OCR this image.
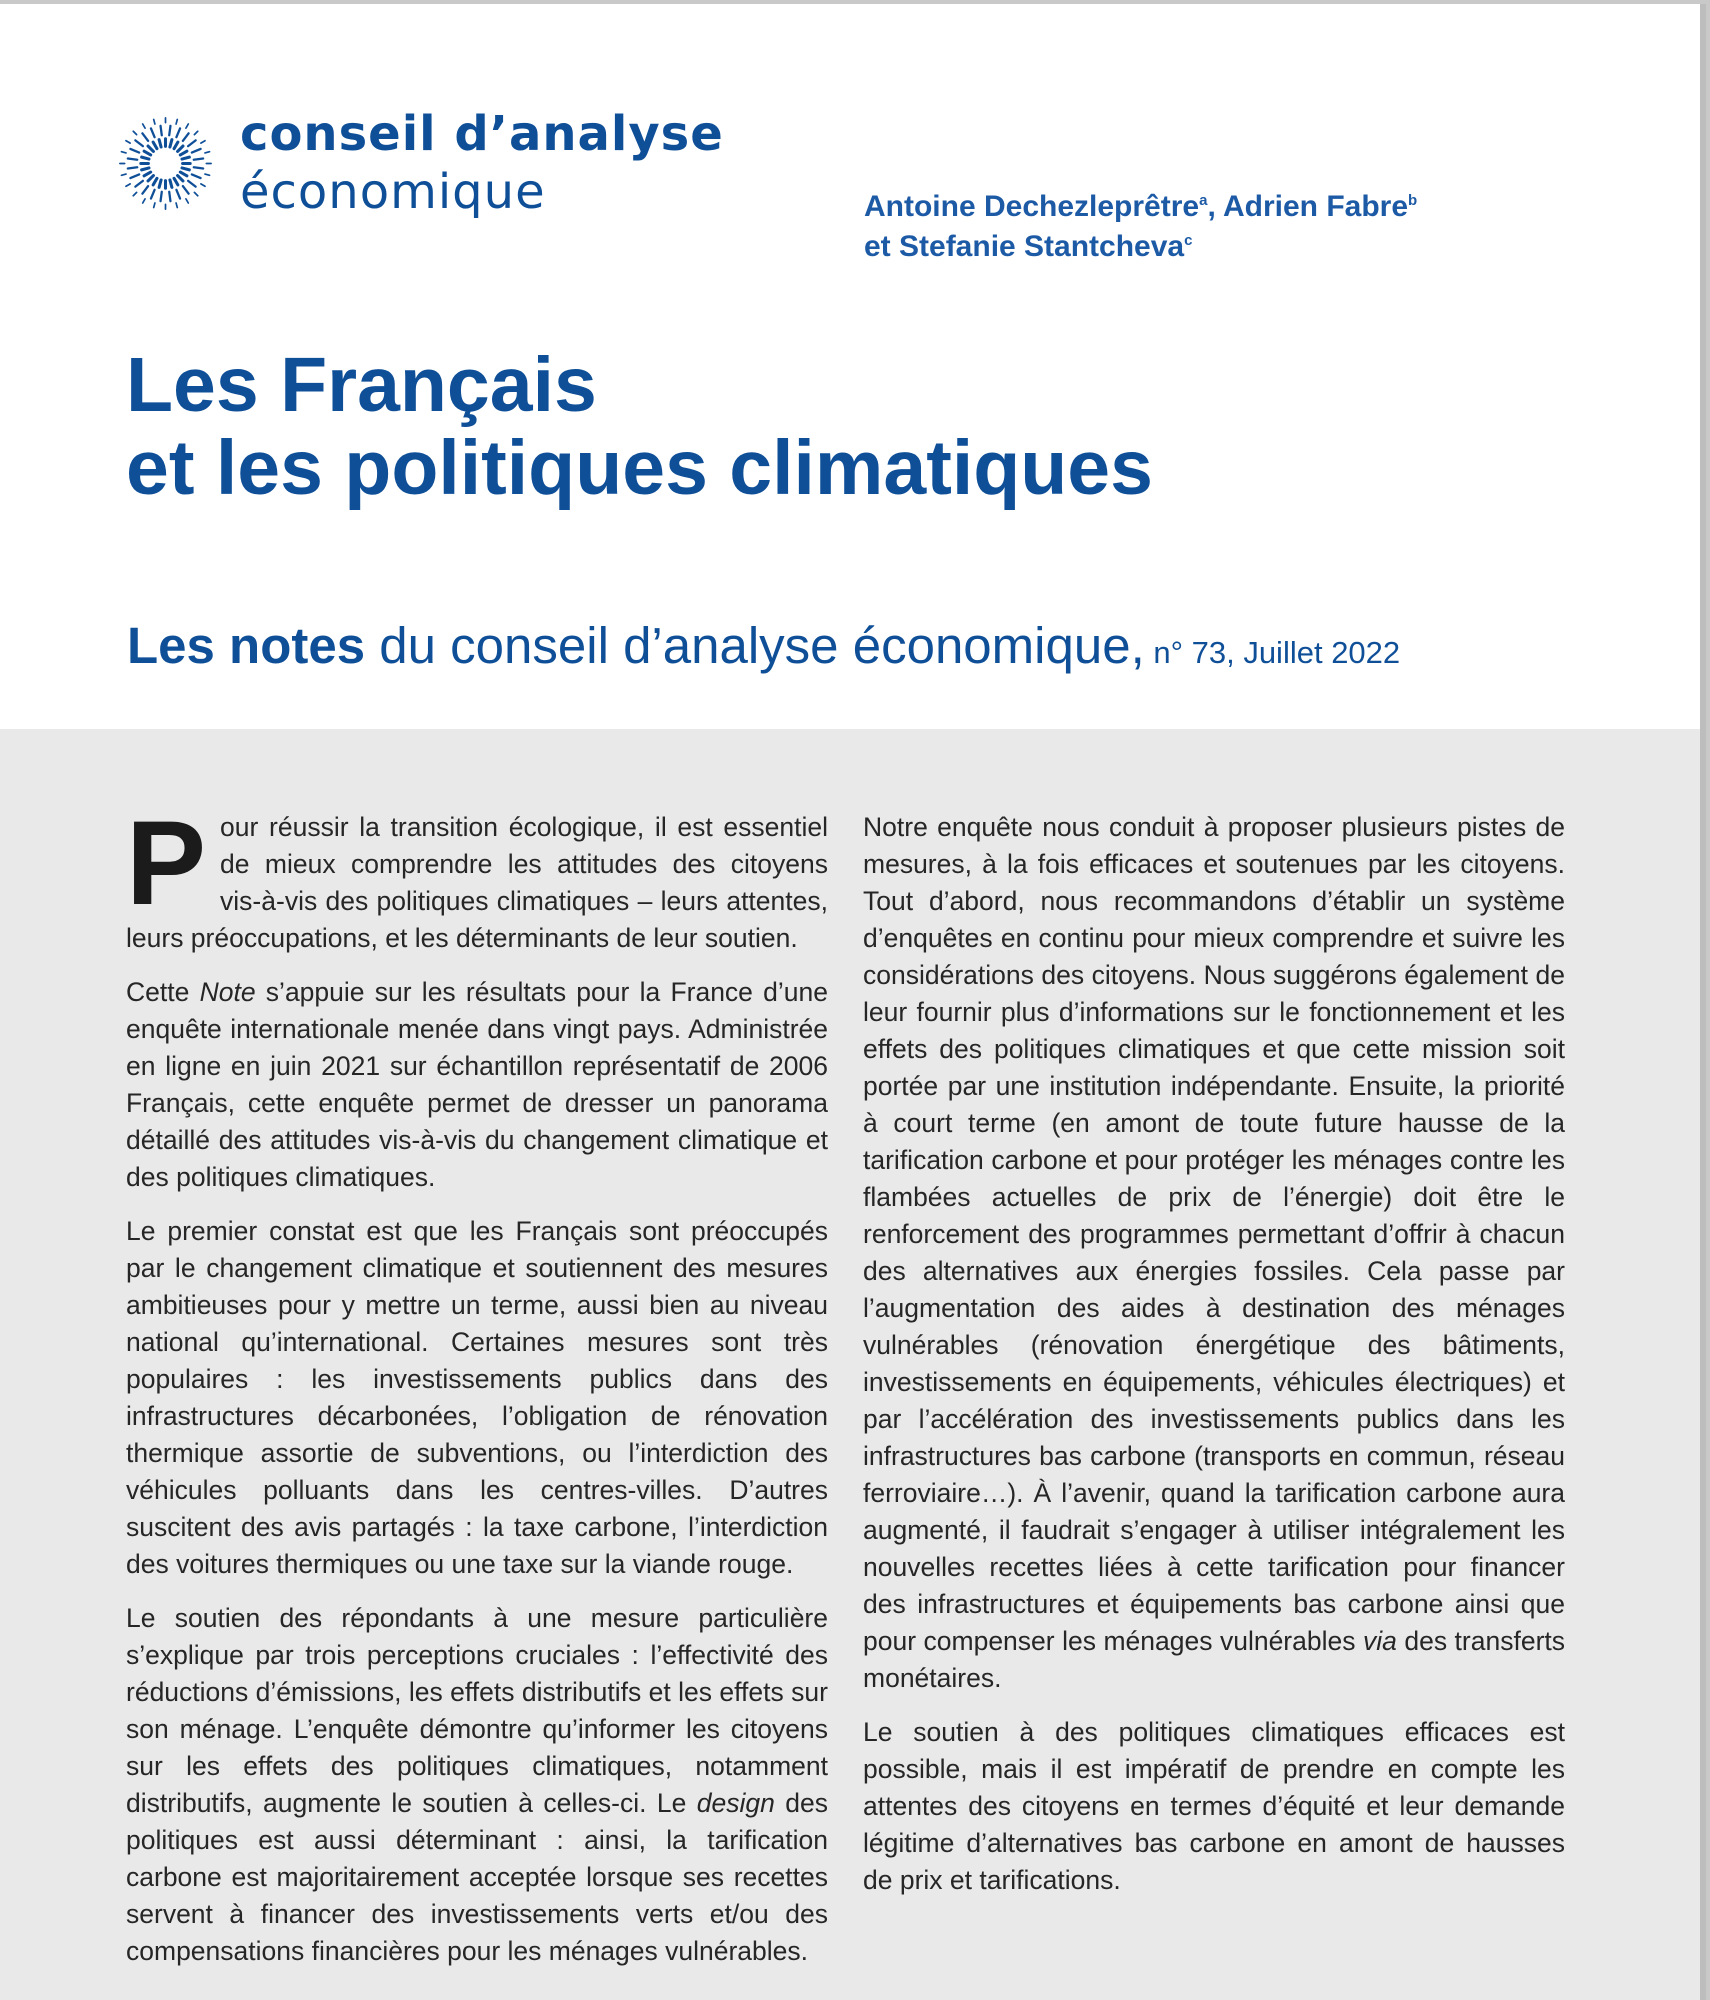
conseil d’analyse
économique	Antoine Dechezleprêtre$^a$, Adrien Fabre$^b$
et Stefanie Stantcheva$^c$
Les Français
et les politiques climatiques
Les notes du conseil d’analyse économique, n° 73, Juillet 2022

Pour réussir la transition écologique, il est essentiel de mieux comprendre les attitudes des citoyens vis-à-vis des politiques climatiques – leurs attentes, leurs préoccupations, et les déterminants de leur soutien.

Cette Note s’appuie sur les résultats pour la France d’une enquête internationale menée dans vingt pays. Administrée en ligne en juin 2021 sur échantillon représentatif de 2006 Français, cette enquête permet de dresser un panorama détaillé des attitudes vis-à-vis du changement climatique et des politiques climatiques.

Le premier constat est que les Français sont préoccupés par le changement climatique et soutiennent des mesures ambitieuses pour y mettre un terme, aussi bien au niveau national qu’international. Certaines mesures sont très populaires : les investissements publics dans des infrastructures décarbonées, l’obligation de rénovation thermique assortie de subventions, ou l’interdiction des véhicules polluants dans les centres-villes. D’autres suscitent des avis partagés : la taxe carbone, l’interdiction des voitures thermiques ou une taxe sur la viande rouge.

Le soutien des répondants à une mesure particulière s’explique par trois perceptions cruciales : l’effectivité des réductions d’émissions, les effets distributifs et les effets sur son ménage. L’enquête démontre qu’informer les citoyens sur les effets des politiques climatiques, notamment distributifs, augmente le soutien à celles-ci. Le design des politiques est aussi déterminant : ainsi, la tarification carbone est majoritairement acceptée lorsque ses recettes servent à financer des investissements verts et/ou des compensations financières pour les ménages vulnérables.

Notre enquête nous conduit à proposer plusieurs pistes de mesures, à la fois efficaces et soutenues par les citoyens. Tout d’abord, nous recommandons d’établir un système d’enquêtes en continu pour mieux comprendre et suivre les considérations des citoyens. Nous suggérons également de leur fournir plus d’informations sur le fonctionnement et les effets des politiques climatiques et que cette mission soit portée par une institution indépendante. Ensuite, la priorité à court terme (en amont de toute future hausse de la tarification carbone et pour protéger les ménages contre les flambées actuelles de prix de l’énergie) doit être le renforcement des programmes permettant d’offrir à chacun des alternatives aux énergies fossiles. Cela passe par l’augmentation des aides à destination des ménages vulnérables (rénovation énergétique des bâtiments, investissements en équipements, véhicules électriques) et par l’accélération des investissements publics dans les infrastructures bas carbone (transports en commun, réseau ferroviaire…). À l’avenir, quand la tarification carbone aura augmenté, il faudrait s’engager à utiliser intégralement les nouvelles recettes liées à cette tarification pour financer des infrastructures et équipements bas carbone ainsi que pour compenser les ménages vulnérables via des transferts monétaires.

Le soutien à des politiques climatiques efficaces est possible, mais il est impératif de prendre en compte les attentes des citoyens en termes d’équité et leur demande légitime d’alternatives bas carbone en amont de hausses de prix et tarifications.
